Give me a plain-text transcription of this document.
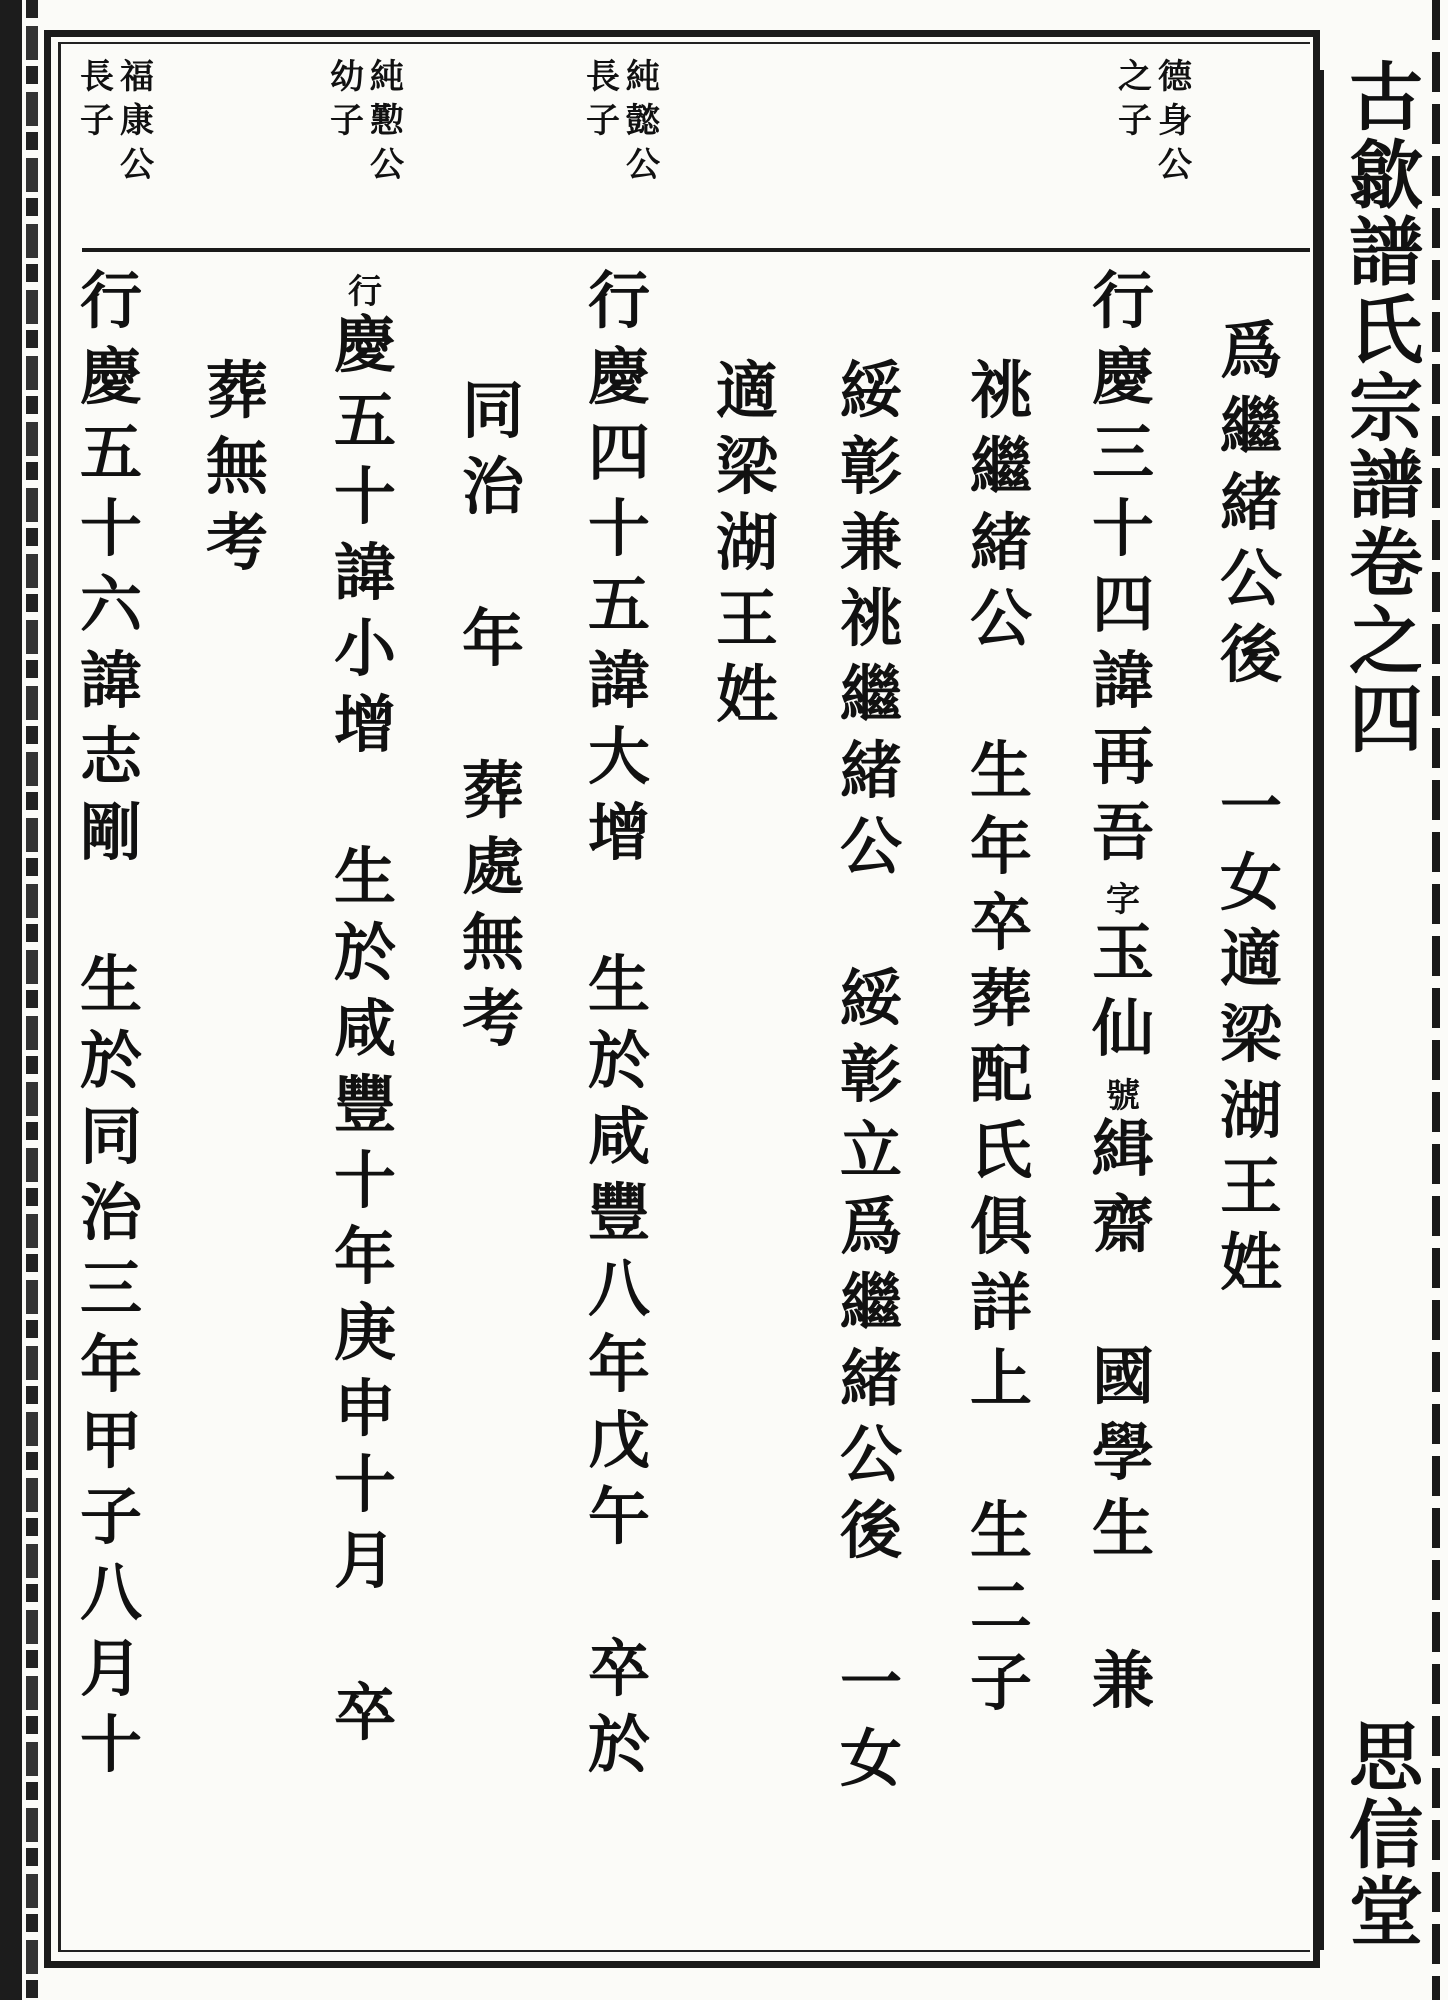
古
歙
譜
氏
宗
譜
卷
之
四
思
信
堂
德
身
公
之
子
純
懿
公
長
子
純
懃
公
幼
子
福
康
公
長
子
爲
繼
緒
公
後
一
女
適
梁
湖
王
姓
行
慶
三
十
四
諱
再
吾
字
玉
仙
號
緝
齋
國
學
生
兼
祧
繼
緒
公
生
年
卒
葬
配
氏
俱
詳
上
生
二
子
綏
彰
兼
祧
繼
緒
公
綏
彰
立
爲
繼
緒
公
後
一
女
適
梁
湖
王
姓
行
慶
四
十
五
諱
大
增
生
於
咸
豐
八
年
戊
午
卒
於
同
治
年
葬
處
無
考
行
慶
五
十
諱
小
增
生
於
咸
豐
十
年
庚
申
十
月
卒
葬
無
考
行
慶
五
十
六
諱
志
剛
生
於
同
治
三
年
甲
子
八
月
十
